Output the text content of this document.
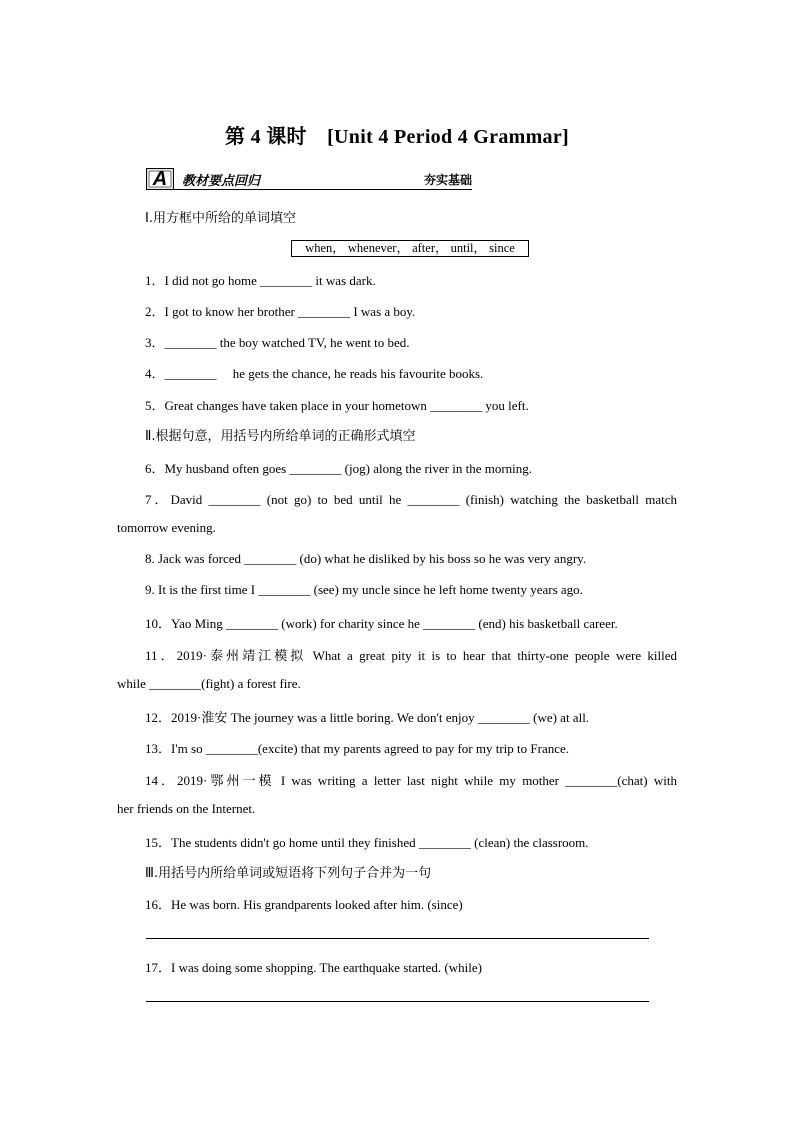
第 4 课时　[Unit 4 Period 4 Grammar]
A	教材要点回归	夯实基础
Ⅰ.用方框中所给的单词填空
when， whenever， after， until， since
1．I did not go home ________ it was dark.
2．I got to know her brother ________ I was a boy.
3．________ the boy watched TV, he went to bed.
4．________　 he gets the chance, he reads his favourite books.
5．Great changes have taken place in your hometown ________ you left.
Ⅱ.根据句意，用括号内所给单词的正确形式填空
6．My husband often goes ________ (jog) along the river in the morning.
7．David ________ (not go) to bed until he ________ (finish) watching the basketball match
tomorrow evening.
8. Jack was forced ________ (do) what he disliked by his boss so he was very angry.
9. It is the first time I ________ (see) my uncle since he left home twenty years ago.
10．Yao Ming ________ (work) for charity since he ________ (end) his basketball career.
11．2019·泰州靖江模拟 What a great pity it is to hear that thirty-one people were killed
while ________(fight) a forest fire.
12．2019·淮安 The journey was a little boring. We don't enjoy ________ (we) at all.
13．I'm so ________(excite) that my parents agreed to pay for my trip to France.
14．2019·鄂州一模 I was writing a letter last night while my mother ________(chat) with
her friends on the Internet.
15．The students didn't go home until they finished ________ (clean) the classroom.
Ⅲ.用括号内所给单词或短语将下列句子合并为一句
16．He was born. His grandparents looked after him. (since)
17．I was doing some shopping. The earthquake started. (while)
